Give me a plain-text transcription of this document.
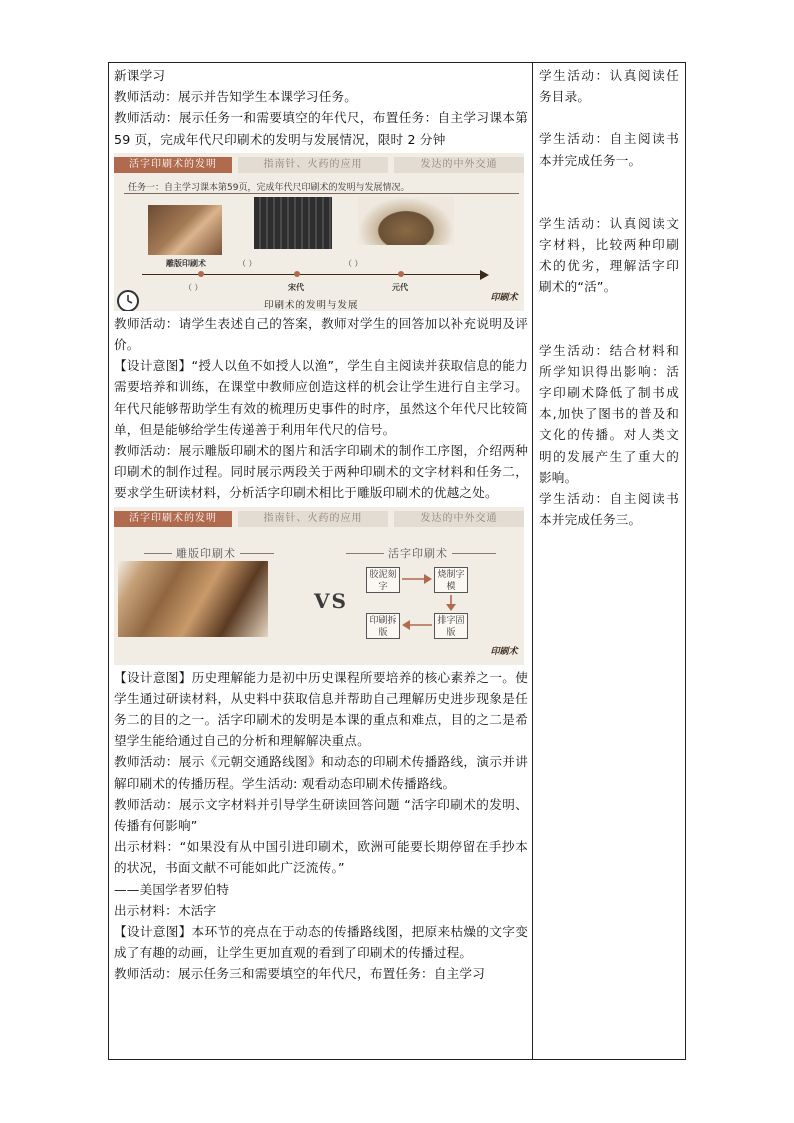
新课学习

教师活动：展示并告知学生本课学习任务。

教师活动：展示任务一和需要填空的年代尺，布置任务：自主学习课本第 59 页，完成年代尺印刷术的发明与发展情况，限时 2 分钟

活字印刷术的发明	指南针、火药的应用	发达的中外交通
任务一：自主学习课本第59页，完成年代尺印刷术的发明与发展情况。
雕版印刷术	（ ）	（ ）
（ ）	宋代	元代
印刷术的发明与发展
印刷术

教师活动：请学生表述自己的答案，教师对学生的回答加以补充说明及评价。

【设计意图】“授人以鱼不如授人以渔”，学生自主阅读并获取信息的能力需要培养和训练，在课堂中教师应创造这样的机会让学生进行自主学习。年代尺能够帮助学生有效的梳理历史事件的时序，虽然这个年代尺比较简单，但是能够给学生传递善于利用年代尺的信号。

教师活动：展示雕版印刷术的图片和活字印刷术的制作工序图，介绍两种印刷术的制作过程。同时展示两段关于两种印刷术的文字材料和任务二，要求学生研读材料，分析活字印刷术相比于雕版印刷术的优越之处。

活字印刷术的发明	指南针、火药的应用	发达的中外交通
雕版印刷术	活字印刷术
VS
胶泥刻字
烧制字模
排字固版
印刷拆版
印刷术

【设计意图】历史理解能力是初中历史课程所要培养的核心素养之一。使学生通过研读材料，从史料中获取信息并帮助自己理解历史进步现象是任务二的目的之一。活字印刷术的发明是本课的重点和难点，目的之二是希望学生能给通过自己的分析和理解解决重点。

教师活动：展示《元朝交通路线图》和动态的印刷术传播路线，演示并讲解印刷术的传播历程。学生活动: 观看动态印刷术传播路线。

教师活动：展示文字材料并引导学生研读回答问题 “活字印刷术的发明、传播有何影响”

出示材料：“如果没有从中国引进印刷术，欧洲可能要长期停留在手抄本的状况，书面文献不可能如此广泛流传。”

——美国学者罗伯特

出示材料：木活字

【设计意图】本环节的亮点在于动态的传播路线图，把原来枯燥的文字变成了有趣的动画，让学生更加直观的看到了印刷术的传播过程。

教师活动：展示任务三和需要填空的年代尺，布置任务：自主学习

学生活动：认真阅读任务目录。

学生活动：自主阅读书本并完成任务一。

学生活动：认真阅读文字材料，比较两种印刷术的优劣，理解活字印刷术的“活”。

学生活动：结合材料和所学知识得出影响：活字印刷术降低了制书成本,加快了图书的普及和文化的传播。对人类文明的发展产生了重大的影响。

学生活动：自主阅读书本并完成任务三。
